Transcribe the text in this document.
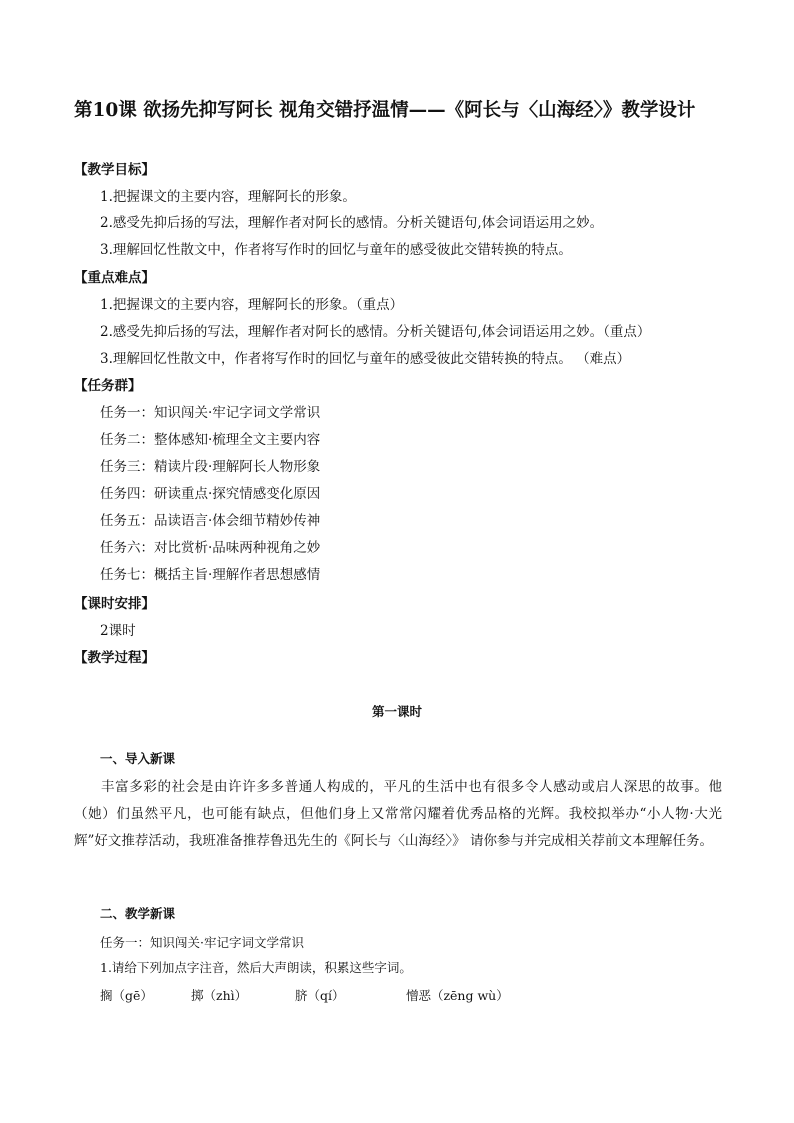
第10课 欲扬先抑写阿长 视角交错抒温情——《阿长与〈山海经〉》教学设计
【教学目标】
1.把握课文的主要内容，理解阿长的形象。
2.感受先抑后扬的写法，理解作者对阿长的感情。分析关键语句,体会词语运用之妙。
3.理解回忆性散文中，作者将写作时的回忆与童年的感受彼此交错转换的特点。
【重点难点】
1.把握课文的主要内容，理解阿长的形象。（重点）
2.感受先抑后扬的写法，理解作者对阿长的感情。分析关键语句,体会词语运用之妙。（重点）
3.理解回忆性散文中，作者将写作时的回忆与童年的感受彼此交错转换的特点。 （难点）
【任务群】
任务一：知识闯关·牢记字词文学常识
任务二：整体感知·梳理全文主要内容
任务三：精读片段·理解阿长人物形象
任务四：研读重点·探究情感变化原因
任务五：品读语言·体会细节精妙传神
任务六：对比赏析·品味两种视角之妙
任务七：概括主旨·理解作者思想感情
【课时安排】
2课时
【教学过程】
第一课时
一、导入新课
丰富多彩的社会是由许许多多普通人构成的，平凡的生活中也有很多令人感动或启人深思的故事。他（她）们虽然平凡，也可能有缺点，但他们身上又常常闪耀着优秀品格的光辉。我校拟举办“小人物·大光辉”好文推荐活动，我班准备推荐鲁迅先生的《阿长与〈山海经〉》 请你参与并完成相关荐前文本理解任务。
二、教学新课
任务一：知识闯关·牢记字词文学常识
1.请给下列加点字注音，然后大声朗读，积累这些字词。
搁（gē）	掷（zhì）	脐（qí）	憎恶（zēng wù）
